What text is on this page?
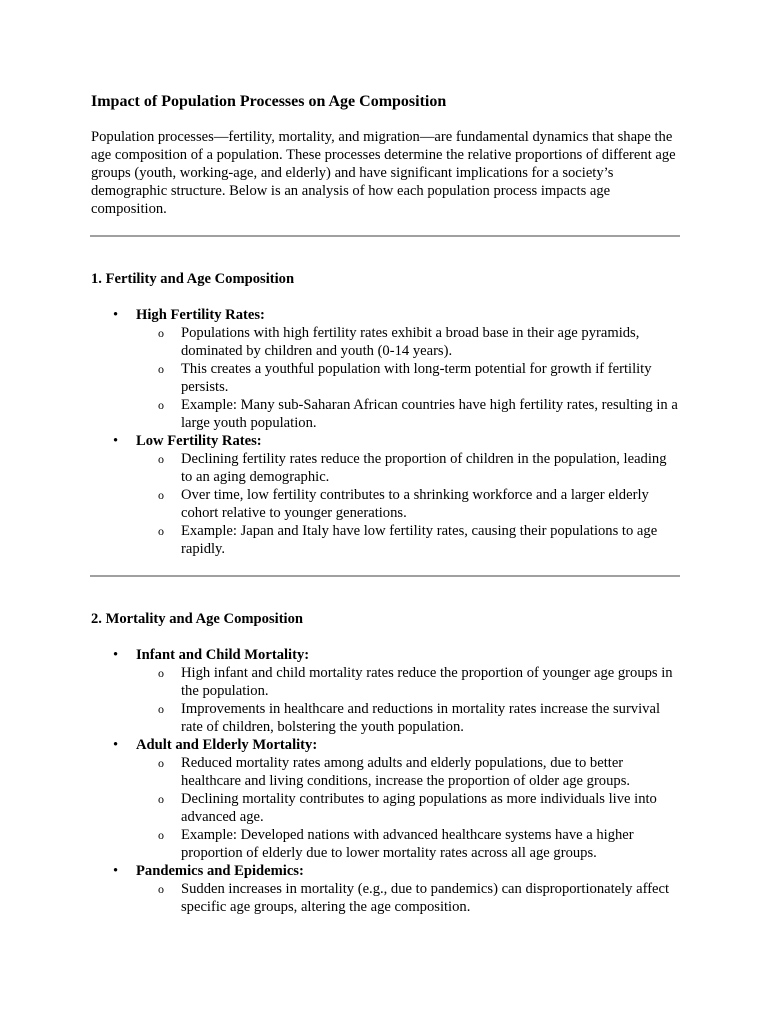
Impact of Population Processes on Age Composition

Population processes—fertility, mortality, and migration—are fundamental dynamics that shape the age composition of a population. These processes determine the relative proportions of different age groups (youth, working-age, and elderly) and have significant implications for a society’s demographic structure. Below is an analysis of how each population process impacts age composition.

1. Fertility and Age Composition
• High Fertility Rates:
o Populations with high fertility rates exhibit a broad base in their age pyramids, dominated by children and youth (0-14 years).
o This creates a youthful population with long-term potential for growth if fertility persists.
o Example: Many sub-Saharan African countries have high fertility rates, resulting in a large youth population.
• Low Fertility Rates:
o Declining fertility rates reduce the proportion of children in the population, leading to an aging demographic.
o Over time, low fertility contributes to a shrinking workforce and a larger elderly cohort relative to younger generations.
o Example: Japan and Italy have low fertility rates, causing their populations to age rapidly.
2. Mortality and Age Composition
• Infant and Child Mortality:
o High infant and child mortality rates reduce the proportion of younger age groups in the population.
o Improvements in healthcare and reductions in mortality rates increase the survival rate of children, bolstering the youth population.
• Adult and Elderly Mortality:
o Reduced mortality rates among adults and elderly populations, due to better healthcare and living conditions, increase the proportion of older age groups.
o Declining mortality contributes to aging populations as more individuals live into advanced age.
o Example: Developed nations with advanced healthcare systems have a higher proportion of elderly due to lower mortality rates across all age groups.
• Pandemics and Epidemics:
o Sudden increases in mortality (e.g., due to pandemics) can disproportionately affect specific age groups, altering the age composition.
